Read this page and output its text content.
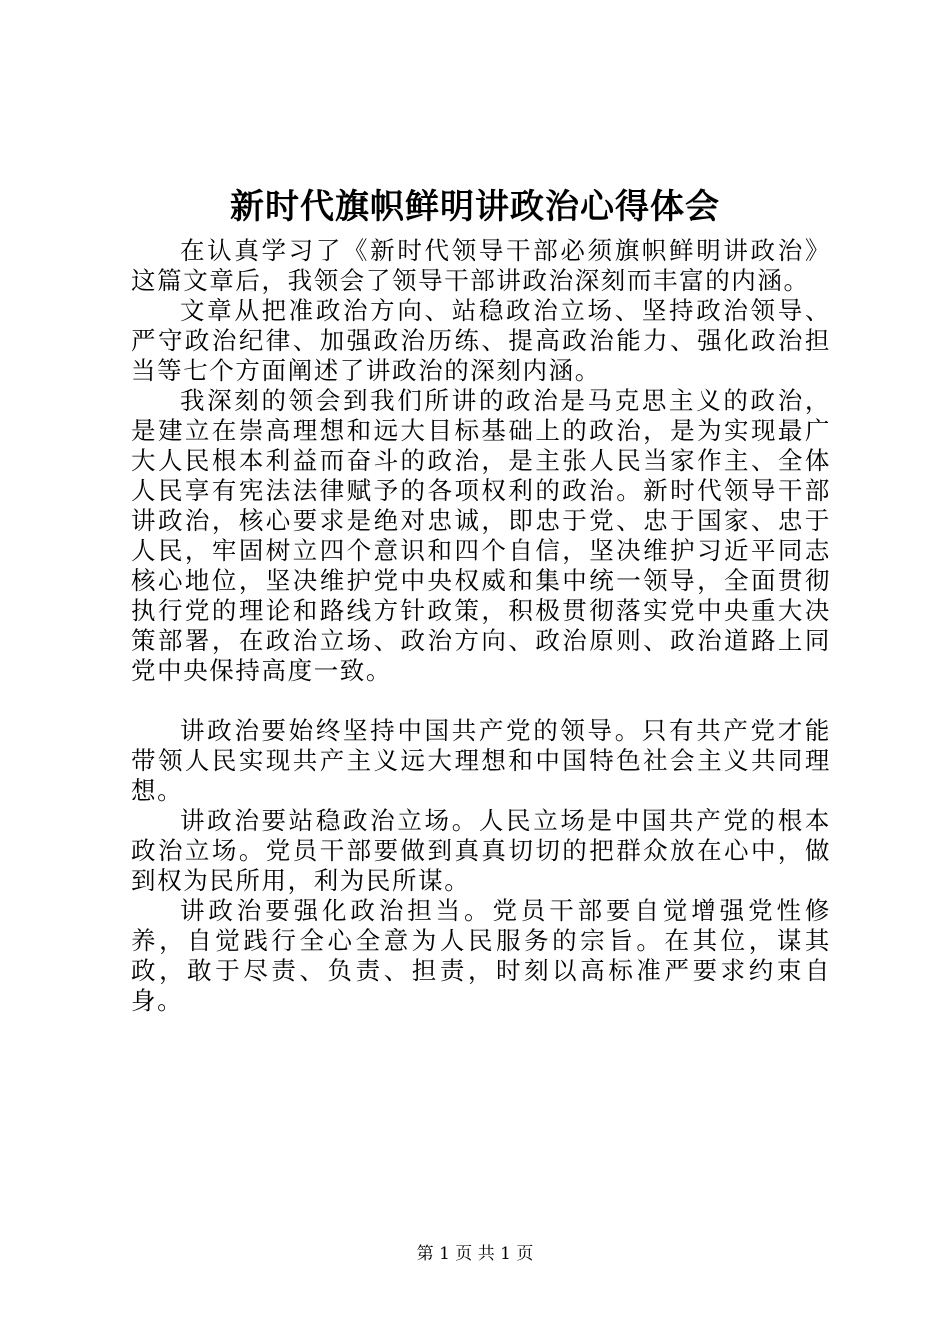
新时代旗帜鲜明讲政治心得体会

在认真学习了《新时代领导干部必须旗帜鲜明讲政治》这篇文章后，我领会了领导干部讲政治深刻而丰富的内涵。

文章从把准政治方向、站稳政治立场、坚持政治领导、严守政治纪律、加强政治历练、提高政治能力、强化政治担当等七个方面阐述了讲政治的深刻内涵。

我深刻的领会到我们所讲的政治是马克思主义的政治，是建立在崇高理想和远大目标基础上的政治，是为实现最广大人民根本利益而奋斗的政治，是主张人民当家作主、全体人民享有宪法法律赋予的各项权利的政治。新时代领导干部讲政治，核心要求是绝对忠诚，即忠于党、忠于国家、忠于人民，牢固树立四个意识和四个自信，坚决维护习近平同志核心地位，坚决维护党中央权威和集中统一领导，全面贯彻执行党的理论和路线方针政策，积极贯彻落实党中央重大决策部署，在政治立场、政治方向、政治原则、政治道路上同党中央保持高度一致。

讲政治要始终坚持中国共产党的领导。只有共产党才能带领人民实现共产主义远大理想和中国特色社会主义共同理想。

讲政治要站稳政治立场。人民立场是中国共产党的根本政治立场。党员干部要做到真真切切的把群众放在心中，做到权为民所用，利为民所谋。

讲政治要强化政治担当。党员干部要自觉增强党性修养，自觉践行全心全意为人民服务的宗旨。在其位，谋其政，敢于尽责、负责、担责，时刻以高标准严要求约束自身。

第 1 页 共 1 页
